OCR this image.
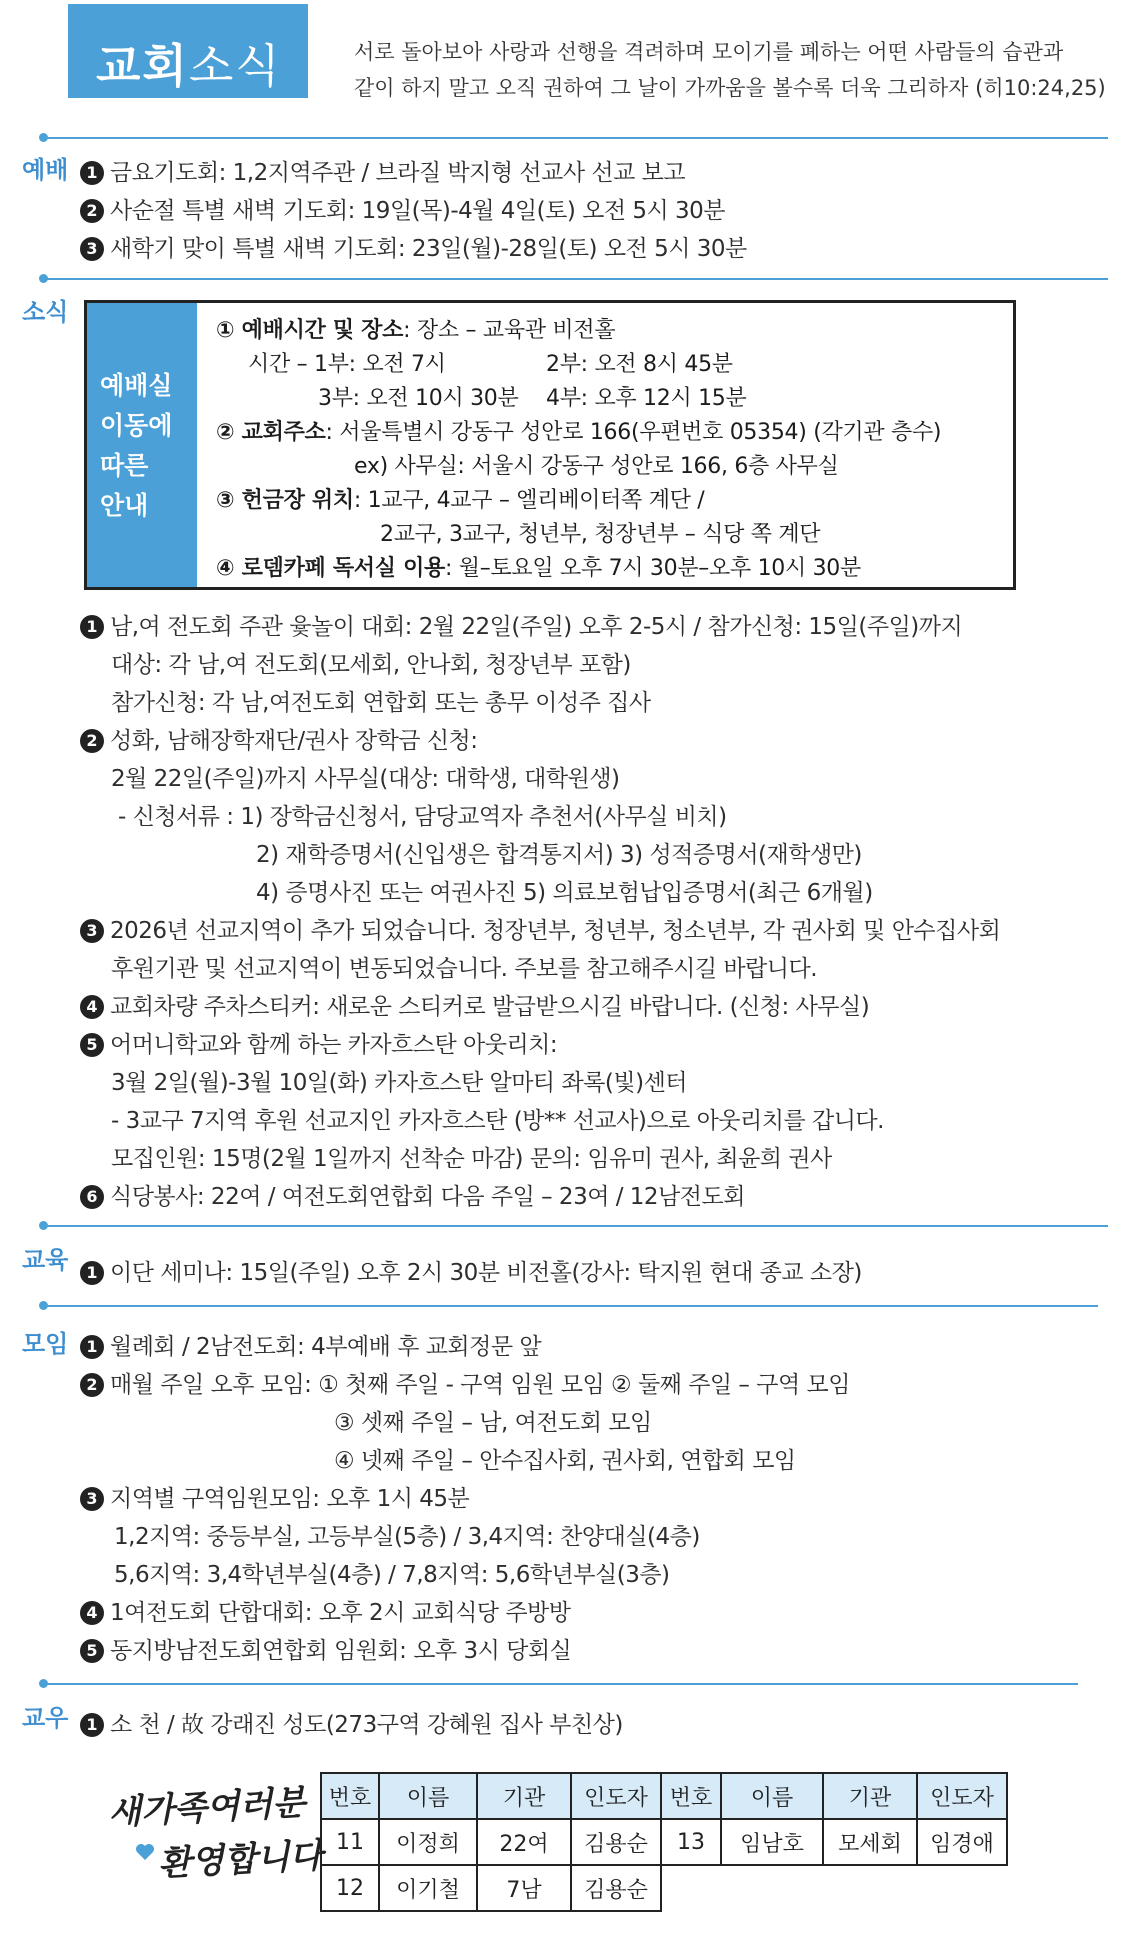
교회소식	서로 돌아보아 사랑과 선행을 격려하며 모이기를 폐하는 어떤 사람들의 습관과
같이 하지 말고 오직 권하여 그 날이 가까움을 볼수록 더욱 그리하자 (히10:24,25)
예배	1 금요기도회: 1,2지역주관 / 브라질 박지형 선교사 선교 보고
2 사순절 특별 새벽 기도회: 19일(목)-4월 4일(토) 오전 5시 30분
3 새학기 맞이 특별 새벽 기도회: 23일(월)-28일(토) 오전 5시 30분
소식
예배실
이동에
따른
안내
① 예배시간 및 장소: 장소 – 교육관 비전홀
시간 – 1부: 오전 7시	2부: 오전 8시 45분
3부: 오전 10시 30분 4부: 오후 12시 15분
② 교회주소: 서울특별시 강동구 성안로 166(우편번호 05354) (각기관 층수)
ex) 사무실: 서울시 강동구 성안로 166, 6층 사무실
③ 헌금장 위치: 1교구, 4교구 – 엘리베이터쪽 계단 /
2교구, 3교구, 청년부, 청장년부 – 식당 쪽 계단
④ 로뎀카페 독서실 이용: 월–토요일 오후 7시 30분–오후 10시 30분
1 남,여 전도회 주관 윷놀이 대회: 2월 22일(주일) 오후 2-5시 / 참가신청: 15일(주일)까지
대상: 각 남,여 전도회(모세회, 안나회, 청장년부 포함)
참가신청: 각 남,여전도회 연합회 또는 총무 이성주 집사
2 성화, 남해장학재단/권사 장학금 신청:
2월 22일(주일)까지 사무실(대상: 대학생, 대학원생)
- 신청서류 : 1) 장학금신청서, 담당교역자 추천서(사무실 비치)
2) 재학증명서(신입생은 합격통지서) 3) 성적증명서(재학생만)
4) 증명사진 또는 여권사진 5) 의료보험납입증명서(최근 6개월)
3 2026년 선교지역이 추가 되었습니다. 청장년부, 청년부, 청소년부, 각 권사회 및 안수집사회
후원기관 및 선교지역이 변동되었습니다. 주보를 참고해주시길 바랍니다.
4 교회차량 주차스티커: 새로운 스티커로 발급받으시길 바랍니다. (신청: 사무실)
5 어머니학교와 함께 하는 카자흐스탄 아웃리치:
3월 2일(월)-3월 10일(화) 카자흐스탄 알마티 좌록(빛)센터
- 3교구 7지역 후원 선교지인 카자흐스탄 (방** 선교사)으로 아웃리치를 갑니다.
모집인원: 15명(2월 1일까지 선착순 마감) 문의: 임유미 권사, 최윤희 권사
6 식당봉사: 22여 / 여전도회연합회 다음 주일 – 23여 / 12남전도회
교육	1 이단 세미나: 15일(주일) 오후 2시 30분 비전홀(강사: 탁지원 현대 종교 소장)
모임	1 월례회 / 2남전도회: 4부예배 후 교회정문 앞
2 매월 주일 오후 모임: ① 첫째 주일 - 구역 임원 모임 ② 둘째 주일 – 구역 모임
③ 셋째 주일 – 남, 여전도회 모임
④ 넷째 주일 – 안수집사회, 권사회, 연합회 모임
3 지역별 구역임원모임: 오후 1시 45분
1,2지역: 중등부실, 고등부실(5층) / 3,4지역: 찬양대실(4층)
5,6지역: 3,4학년부실(4층) / 7,8지역: 5,6학년부실(3층)
4 1여전도회 단합대회: 오후 2시 교회식당 주방방
5 동지방남전도회연합회 임원회: 오후 3시 당회실
교우	1 소 천 / 故 강래진 성도(273구역 강혜원 집사 부친상)
새가족여러분
환영합니다
번호	이름	기관	인도자	번호	이름	기관	인도자
11	이정희	22여	김용순	13	임남호	모세회	임경애
12	이기철	7남	김용순				
